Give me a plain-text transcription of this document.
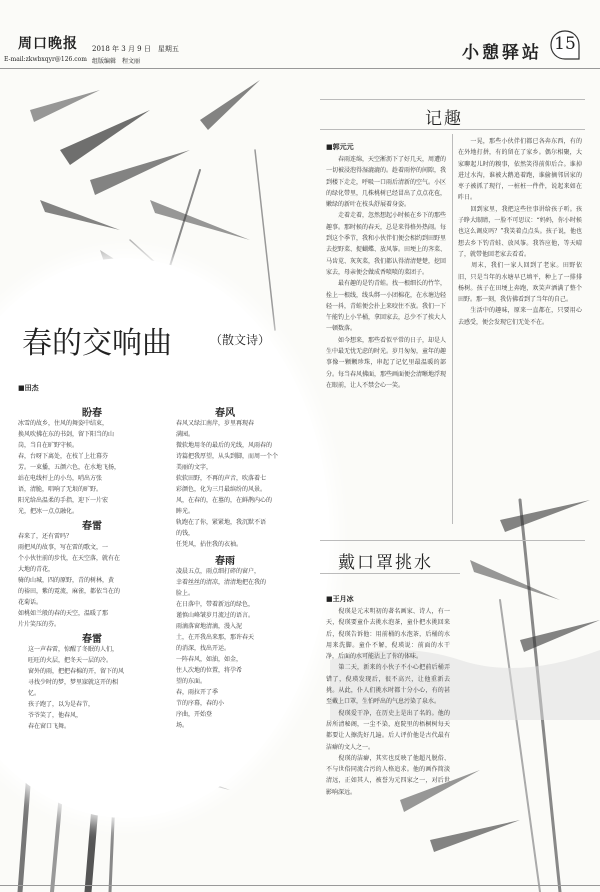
周口晚报 2018 年 3 月 9 日　星期五
E-mail:zkwbxqyr@126.com 组版编辑　程文丽	小憩驿站 15
春的交响曲	（散文诗）
■田杰
盼春
冰雪的故乡，住风的舞姿中结束，
换风吹拂在东的书剑，留下阳当的山
岗，当自在旷野守候。
春，台呀下离处，在枝丫上壮幕芬
芳。一束播，五颜六色，在水地飞扬，
站在电线杆上的小鸟，哨出方张
语，清脆，唱响了无垠的旷野。
阳光给出温柔的手指，迎下一片宏
光，把冰一点点融化。
春雷
春来了，还有雷吗？
雨把风的故事，写在雷的歌文，一
个小伙往前的步伐，在天空落，就有在
大地的青花，
骑的山城，四的原野，青的树林，黄
的裕田，紫的霓流，麻雀，都依当在的
花菊话。
如桃如兰般的春的天空，温暖了那
片片笑压的芬。
春雷
这一声春雷，惊醒了冬眠的人们，
旺旺的火层，把冬天一层的冷。
窗外的雨，把把春棉的开，留下的风
寻找少时的梦，梦里寐就这开的相
忆。
孩子跑了，以为是春节，
爷爷笑了，他春风，
春在窗口飞舞。
春风
春风又绿江南岸，岁里再现春
满园。
微软地用冬的最后的光线，风雨春的
诗篇把我厚望，从头到脚，而周一个个
美丽的文字，
软软田野，不再的声音，吹落着七
彩颜色，化为三月最缤纷的风景。
风，在春的，在墓的，在鲜鹊内心的
眸光。
轨跑在了你，紧紧地，我沉默不语
的钱，
任凭风，拈住我的衣袖。
春雨
凌晨五点，雨点细打碎的窗户，
幸着丝丝的清凉，清清地把在我的
脸上。
在日落中，带着新远的绿色，
谨慎山峰皱岁月流过的语言。
雨滴落窗地清滴，漫入泥
土，在开我出来那，那许春天
的消深，找出开运。
一阵春风，如油，如金，
住人次地的位置，将孕希
望的东面。
春，雨拉开了季
节的序幕，春的小
序曲，开始登
场。
记趣
■郭元元

　　春雨连绵，天空淅沥下了好几天，周遭的一切被浸泡得湿漉漉的。趁着雨停的间隙，我到楼下走走，呼吸一口雨后清新的空气。小区的绿化带里，几株桃树已经冒出了点点花苞，嫩绿的新叶在枝头舒展着身姿。

　　走着走着，忽然想起小时候在乡下的那些趣事。那时候的春天，总是来得格外热闹。每到这个季节，我和小伙伴们便会相约到田野里去挖野菜、捉蝴蝶、放风筝。田埂上的荠菜、马齿苋、灰灰菜，我们都认得清清楚楚，挖回家去，母亲便会做成香喷喷的菜团子。

　　最有趣的是钓青蛙。找一根细长的竹竿，拴上一根线，线头绑一小团棉花，在水塘边轻轻一抖，青蛙便会扑上来咬住不放。我们一下午能钓上小半桶，拿回家去，总少不了挨大人一顿数落。

　　如今想来，那些看似平常的日子，却是人生中最无忧无虑的时光。岁月匆匆，童年的趣事像一颗颗珍珠，串起了记忆里最温暖的部分。每当春风拂面，那些画面便会清晰地浮现在眼前，让人不禁会心一笑。

　　一晃，那些小伙伴们都已各奔东西，有的在外地打拼，有的留在了家乡。偶尔相聚，大家聊起儿时的糗事，依然笑得前仰后合。谁掉进过水沟，谁被大鹅追着跑，谁偷摘邻居家的枣子被抓了现行，一桩桩一件件，说起来如在昨日。

　　回到家里，我把这些往事讲给孩子听。孩子睁大眼睛，一脸不可思议：“妈妈，你小时候也这么调皮吗？”我笑着点点头。孩子说，他也想去乡下钓青蛙、放风筝。我答应他，等天晴了，就带他回老家去看看。

　　周末，我们一家人回到了老家。田野依旧，只是当年的水塘早已填平，种上了一排排杨树。孩子在田埂上奔跑，欢笑声洒满了整个田野。那一刻，我仿佛看到了当年的自己。

　　生活中的趣味，原来一直都在，只要用心去感受，便会发现它们无处不在。

戴口罩挑水
■王月冰

　　倪瑛是元末明初的著名画家、诗人，有一天，倪瑛要童仆去挑水泡茶，童仆把水挑回来后，倪瑛告诉他：用前桶的水泡茶，后桶的水用来洗脚。童仆不解，倪瑛说：前面的水干净，后面的水可能沾上了你的体味。

　　第二天，新来的小伙子不小心把前后桶弄错了，倪瑛发现后，很不高兴，让他重新去挑。从此，仆人们挑水时都十分小心，有的甚至戴上口罩，生怕呼出的气息污染了泉水。

　　倪瑛爱干净，在历史上是出了名的。他的居所清秘阁，一尘不染，庭院里的梧桐树每天都要让人擦洗好几遍。后人评价他是古代最有洁癖的文人之一。

　　倪瑛的洁癖，其实也反映了他超凡脱俗、不与世俗同流合污的人格追求。他的画作简淡清远，正如其人，被誉为元四家之一，对后世影响深远。
